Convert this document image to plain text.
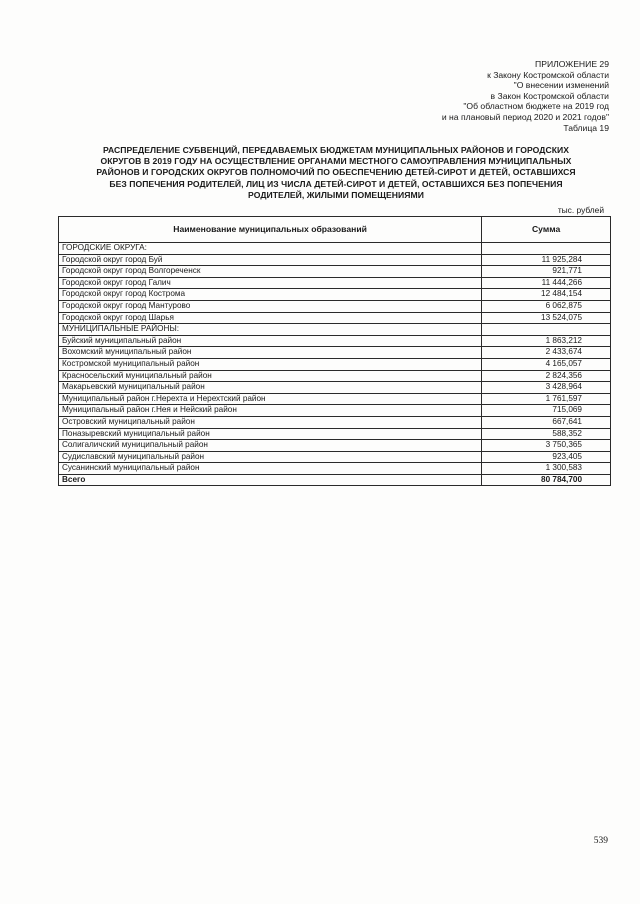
ПРИЛОЖЕНИЕ 29
к Закону Костромской области
"О внесении изменений
в Закон Костромской области
"Об областном бюджете на 2019 год
и на плановый период 2020 и 2021 годов"
Таблица 19
РАСПРЕДЕЛЕНИЕ СУБВЕНЦИЙ, ПЕРЕДАВАЕМЫХ БЮДЖЕТАМ МУНИЦИПАЛЬНЫХ РАЙОНОВ И ГОРОДСКИХ
ОКРУГОВ В 2019 ГОДУ НА ОСУЩЕСТВЛЕНИЕ ОРГАНАМИ МЕСТНОГО САМОУПРАВЛЕНИЯ МУНИЦИПАЛЬНЫХ
РАЙОНОВ И ГОРОДСКИХ ОКРУГОВ ПОЛНОМОЧИЙ ПО ОБЕСПЕЧЕНИЮ ДЕТЕЙ-СИРОТ И ДЕТЕЙ, ОСТАВШИХСЯ
БЕЗ ПОПЕЧЕНИЯ РОДИТЕЛЕЙ, ЛИЦ ИЗ ЧИСЛА ДЕТЕЙ-СИРОТ И ДЕТЕЙ, ОСТАВШИХСЯ БЕЗ ПОПЕЧЕНИЯ
РОДИТЕЛЕЙ, ЖИЛЫМИ ПОМЕЩЕНИЯМИ
тыс. рублей
Наименование муниципальных образований	Сумма
ГОРОДСКИЕ ОКРУГА:	
Городской округ город Буй	11 925,284
Городской округ город Волгореченск	921,771
Городской округ город Галич	11 444,266
Городской округ город Кострома	12 484,154
Городской округ город Мантурово	6 062,875
Городской округ город Шарья	13 524,075
МУНИЦИПАЛЬНЫЕ РАЙОНЫ:	
Буйский муниципальный район	1 863,212
Вохомский муниципальный район	2 433,674
Костромской муниципальный район	4 165,057
Красносельский муниципальный район	2 824,356
Макарьевский муниципальный район	3 428,964
Муниципальный район г.Нерехта и Нерехтский район	1 761,597
Муниципальный район г.Нея и Нейский район	715,069
Островский муниципальный район	667,641
Поназыревский муниципальный район	588,352
Солигаличский муниципальный район	3 750,365
Судиславский муниципальный район	923,405
Сусанинский муниципальный район	1 300,583
Всего	80 784,700
539
